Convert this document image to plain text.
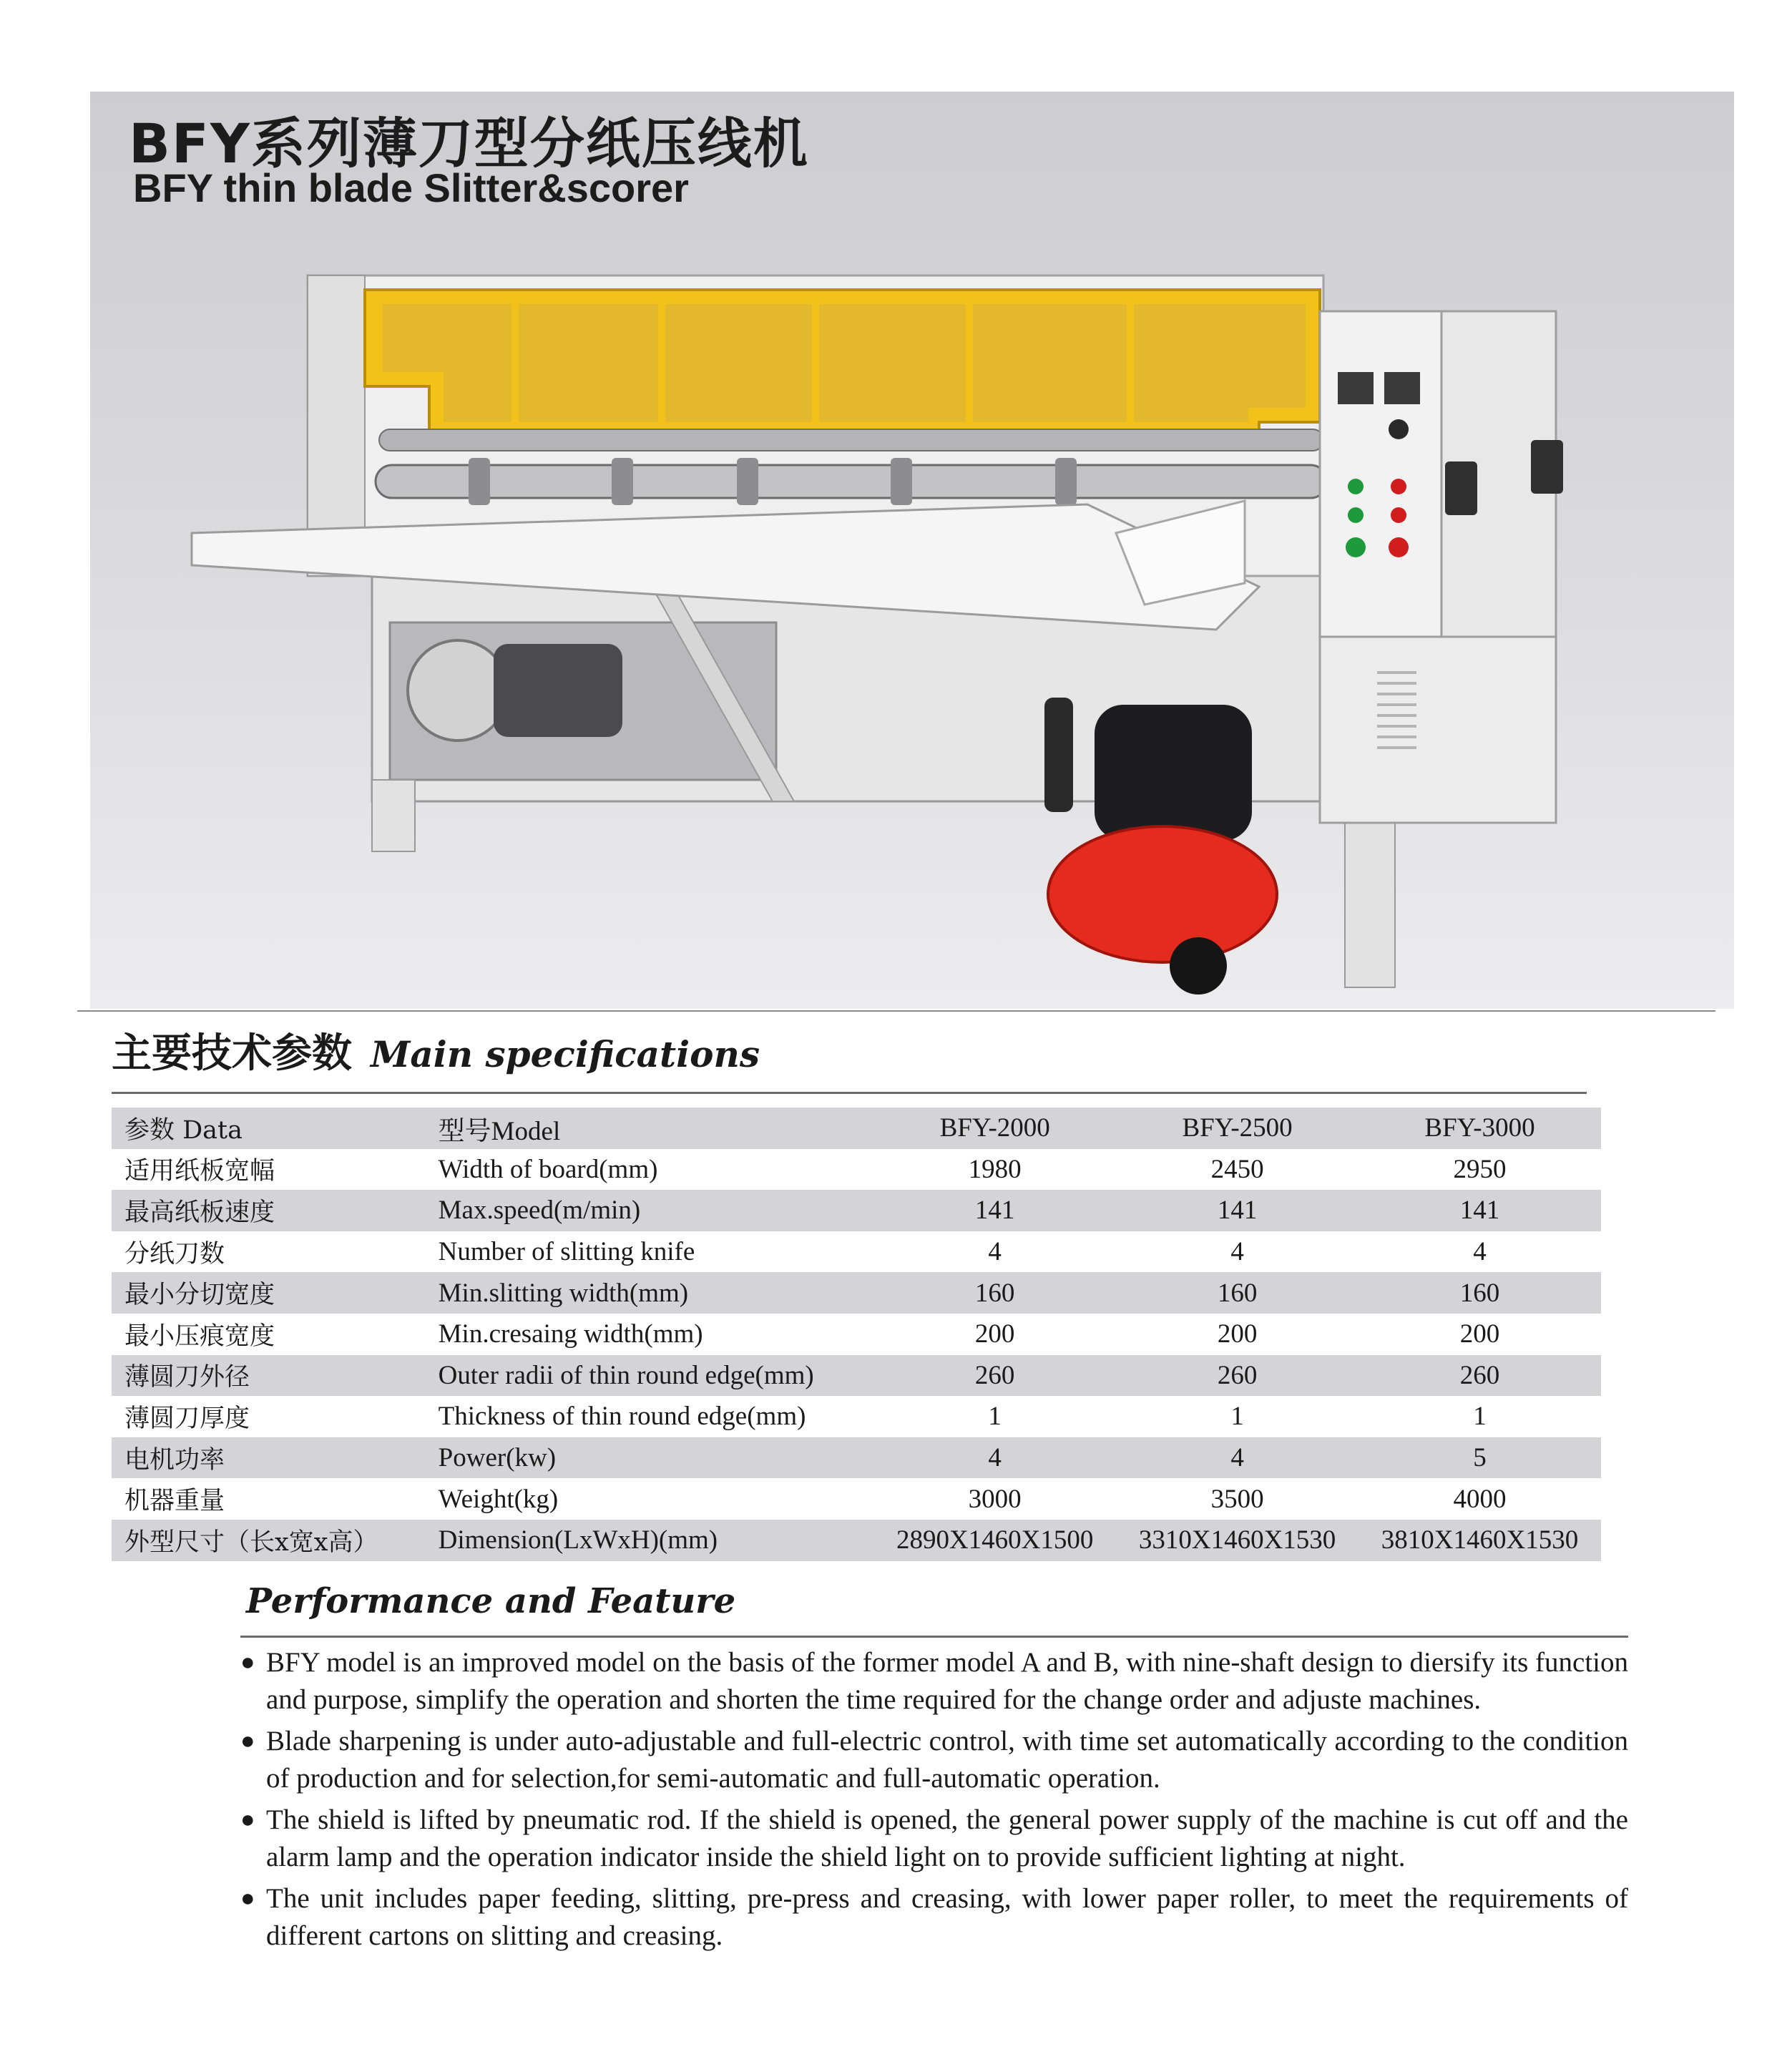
BFY系列薄刀型分纸压线机
BFY thin blade Slitter&scorer
主要技术参数 Main specifications
参数 Data	型号Model	BFY-2000	BFY-2500	BFY-3000
适用纸板宽幅	Width of board(mm)	1980	2450	2950
最高纸板速度	Max.speed(m/min)	141	141	141
分纸刀数	Number of slitting knife	4	4	4
最小分切宽度	Min.slitting width(mm)	160	160	160
最小压痕宽度	Min.cresaing width(mm)	200	200	200
薄圆刀外径	Outer radii of thin round edge(mm)	260	260	260
薄圆刀厚度	Thickness of thin round edge(mm)	1	1	1
电机功率	Power(kw)	4	4	5
机器重量	Weight(kg)	3000	3500	4000
外型尺寸（长x宽x高）	Dimension(LxWxH)(mm)	2890X1460X1500	3310X1460X1530	3810X1460X1530
Performance and Feature
● BFY model is an improved model on the basis of the former model A and B, with nine-shaft design to diersify its function and purpose, simplify the operation and shorten the time required for the change order and adjuste machines.
● Blade sharpening is under auto-adjustable and full-electric control, with time set automatically according to the condition of production and for selection,for semi-automatic and full-automatic operation.
● The shield is lifted by pneumatic rod. If the shield is opened, the general power supply of the machine is cut off and the alarm lamp and the operation indicator inside the shield light on to provide sufficient lighting at night.
● The unit includes paper feeding, slitting, pre-press and creasing, with lower paper roller, to meet the requirements of different cartons on slitting and creasing.
